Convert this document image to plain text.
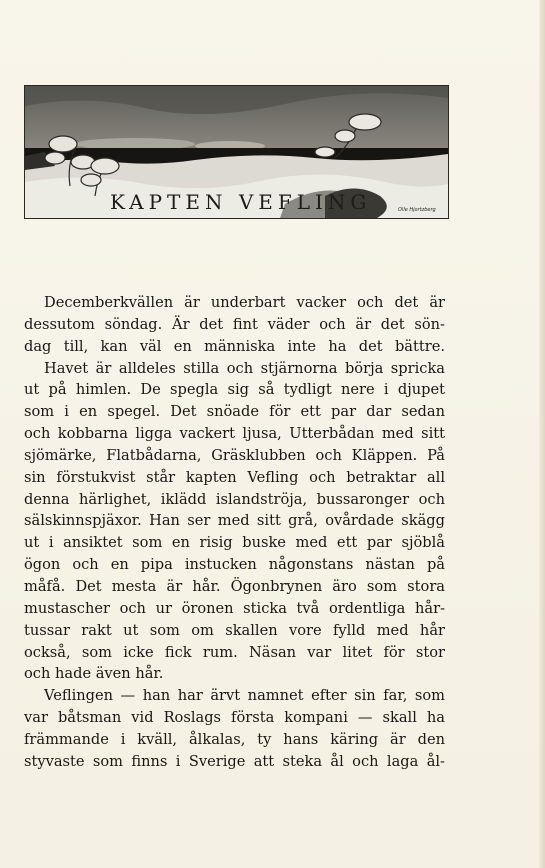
KAPTEN VEFLING	Olle Hjortzberg
Decemberkvällen är underbart vacker och det är
dessutom söndag. Är det fint väder och är det sön-
dag till, kan väl en människa inte ha det bättre.
Havet är alldeles stilla och stjärnorna börja spricka
ut på himlen. De spegla sig så tydligt nere i djupet
som i en spegel. Det snöade för ett par dar sedan
och kobbarna ligga vackert ljusa, Utterbådan med sitt
sjömärke, Flatbådarna, Gräsklubben och Kläppen. På
sin förstukvist står kapten Vefling och betraktar all
denna härlighet, iklädd islandströja, bussaronger och
sälskinnspjäxor. Han ser med sitt grå, ovårdade skägg
ut i ansiktet som en risig buske med ett par sjöblå
ögon och en pipa instucken någonstans nästan på
måfå. Det mesta är hår. Ögonbrynen äro som stora
mustascher och ur öronen sticka två ordentliga hår-
tussar rakt ut som om skallen vore fylld med hår
också, som icke fick rum. Näsan var litet för stor
och hade även hår.
Veflingen — han har ärvt namnet efter sin far, som
var båtsman vid Roslags första kompani — skall ha
främmande i kväll, ålkalas, ty hans käring är den
styvaste som finns i Sverige att steka ål och laga ål-
